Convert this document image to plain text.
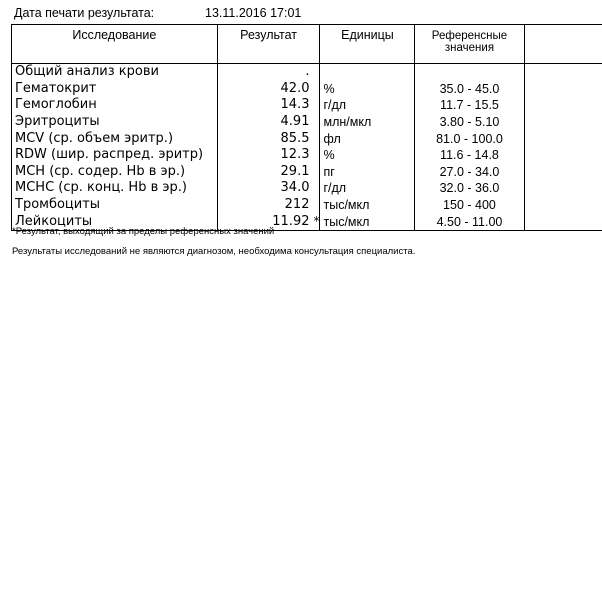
Дата печати результата:	13.11.2016 17:01
Исследование	Результат	Единицы	Референсные
значения	
Общий анализ крови	.

Гематокрит	42.0	%	35.0 - 45.0	
Гемоглобин	14.3	г/дл	11.7 - 15.5	
Эритроциты	4.91	млн/мкл	3.80 - 5.10	
MCV (ср. объем эритр.)	85.5	фл	81.0 - 100.0	
RDW (шир. распред. эритр)	12.3	%	11.6 - 14.8	
MCH (ср. содер. Hb в эр.)	29.1	пг	27.0 - 34.0	
MCHC (ср. конц. Hb в эр.)	34.0	г/дл	32.0 - 36.0	
Тромбоциты	212	тыс/мкл	150 - 400	
Лейкоциты	11.92 *	тыс/мкл	4.50 - 11.00	
*Результат, выходящий за пределы референсных значений
Результаты исследований не являются диагнозом, необходима консультация специалиста.
